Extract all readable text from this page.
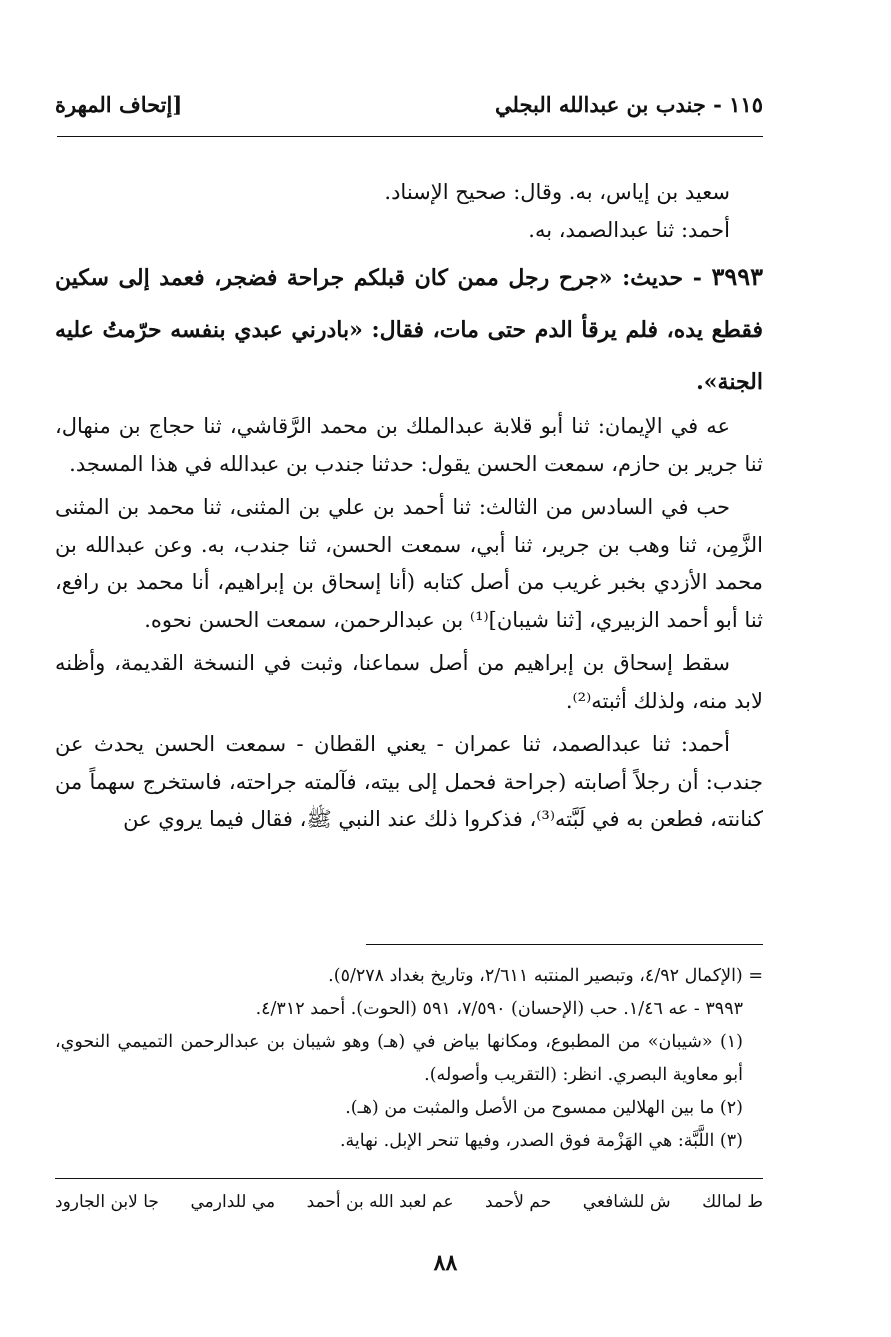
١١٥ - جندب بن عبدالله البجلي
[إتحاف المهرة

سعيد بن إياس، به. وقال: صحيح الإسناد.

أحمد: ثنا عبدالصمد، به.

٣٩٩٣ - حديث: «جرح رجل ممن كان قبلكم جراحة فضجر، فعمد إلى سكين فقطع يده، فلم يرقأ الدم حتى مات، فقال: «بادرني عبدي بنفسه حرّمتُ عليه الجنة».

عه في الإيمان: ثنا أبو قلابة عبدالملك بن محمد الرَّقاشي، ثنا حجاج بن منهال، ثنا جرير بن حازم، سمعت الحسن يقول: حدثنا جندب بن عبدالله في هذا المسجد.

حب في السادس من الثالث: ثنا أحمد بن علي بن المثنى، ثنا محمد بن المثنى الزَّمِن، ثنا وهب بن جرير، ثنا أبي، سمعت الحسن، ثنا جندب، به. وعن عبدالله بن محمد الأزدي بخبر غريب من أصل كتابه (أنا إسحاق بن إبراهيم، أنا محمد بن رافع، ثنا أبو أحمد الزبيري، [ثنا شيبان]⁽¹⁾ بن عبدالرحمن، سمعت الحسن نحوه.

سقط إسحاق بن إبراهيم من أصل سماعنا، وثبت في النسخة القديمة، وأظنه لابد منه، ولذلك أثبته⁽²⁾.

أحمد: ثنا عبدالصمد، ثنا عمران - يعني القطان - سمعت الحسن يحدث عن جندب: أن رجلاً أصابته (جراحة فحمل إلى بيته، فآلمته جراحته، فاستخرج سهماً من كنانته، فطعن به في لَبَّته⁽³⁾، فذكروا ذلك عند النبي ﷺ، فقال فيما يروي عن

= (الإكمال ٤/٩٢، وتبصير المنتبه ٢/٦١١، وتاريخ بغداد ٥/٢٧٨).

٣٩٩٣ - عه ١/٤٦. حب (الإحسان) ٧/٥٩٠، ٥٩١ (الحوت). أحمد ٤/٣١٢.

(١) «شيبان» من المطبوع، ومكانها بياض في (هـ) وهو شيبان بن عبدالرحمن التميمي النحوي، أبو معاوية البصري. انظر: (التقريب وأصوله).

(٢) ما بين الهلالين ممسوح من الأصل والمثبت من (هـ).

(٣) اللَّبَّة: هي الهَزْمة فوق الصدر، وفيها تنحر الإبل. نهاية.

ط لمالك
ش للشافعي
حم لأحمد
عم لعبد الله بن أحمد
مي للدارمي
جا لابن الجارود
٨٨
